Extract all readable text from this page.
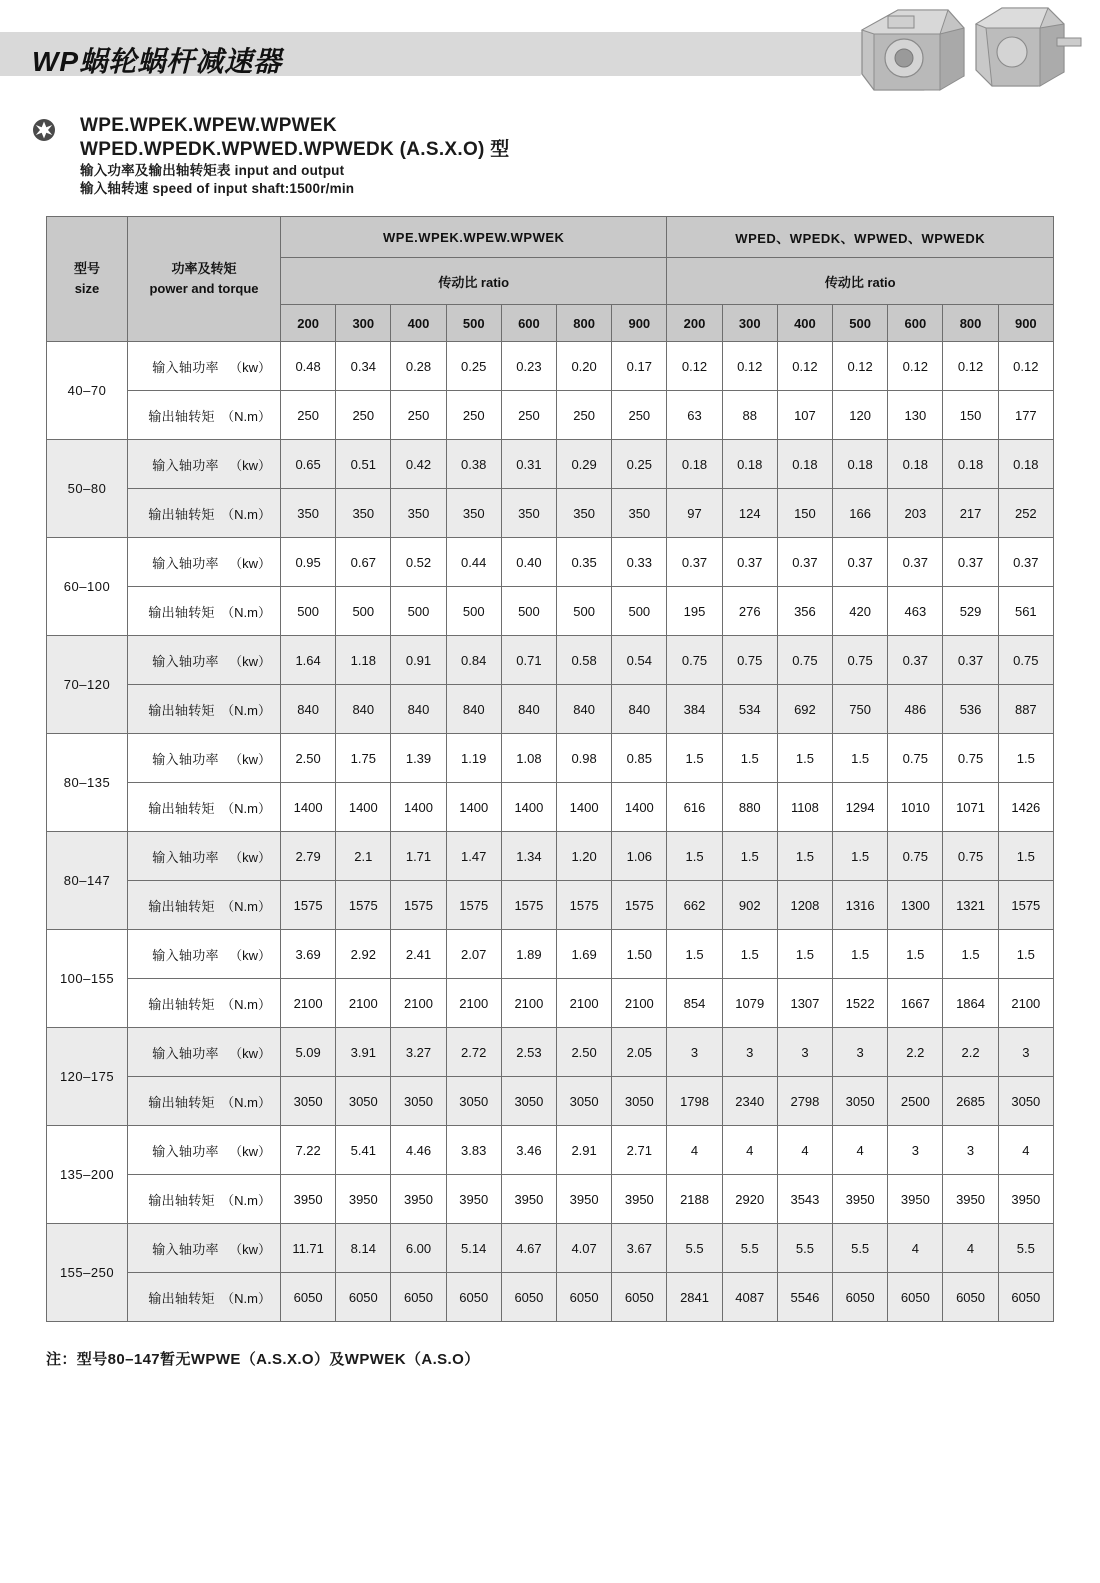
WP蜗轮蜗杆减速器
WPE.WPEK.WPEW.WPWEK
WPED.WPEDK.WPWED.WPWEDK (A.S.X.O) 型
输入功率及输出轴转矩表 input and output
输入轴转速 speed of input shaft:1500r/min
型号
size

功率及转矩
power and torque
	WPE.WPEK.WPEW.WPWEK	WPED、WPEDK、WPWED、WPWEDK
		传动比 ratio							传动比 ratio						
		200	300	400	500	600	800	900	200	300	400	500	600	800	900
40–70	输入轴功率 （kw）	0.48	0.34	0.28	0.25	0.23	0.20	0.17	0.12	0.12	0.12	0.12	0.12	0.12	0.12
	输出轴转矩 （N.m）	250	250	250	250	250	250	250	63	88	107	120	130	150	177
50–80	输入轴功率 （kw）	0.65	0.51	0.42	0.38	0.31	0.29	0.25	0.18	0.18	0.18	0.18	0.18	0.18	0.18
	输出轴转矩 （N.m）	350	350	350	350	350	350	350	97	124	150	166	203	217	252
60–100	输入轴功率 （kw）	0.95	0.67	0.52	0.44	0.40	0.35	0.33	0.37	0.37	0.37	0.37	0.37	0.37	0.37
	输出轴转矩 （N.m）	500	500	500	500	500	500	500	195	276	356	420	463	529	561
70–120	输入轴功率 （kw）	1.64	1.18	0.91	0.84	0.71	0.58	0.54	0.75	0.75	0.75	0.75	0.37	0.37	0.75
	输出轴转矩 （N.m）	840	840	840	840	840	840	840	384	534	692	750	486	536	887
80–135	输入轴功率 （kw）	2.50	1.75	1.39	1.19	1.08	0.98	0.85	1.5	1.5	1.5	1.5	0.75	0.75	1.5
	输出轴转矩 （N.m）	1400	1400	1400	1400	1400	1400	1400	616	880	1108	1294	1010	1071	1426
80–147	输入轴功率 （kw）	2.79	2.1	1.71	1.47	1.34	1.20	1.06	1.5	1.5	1.5	1.5	0.75	0.75	1.5
	输出轴转矩 （N.m）	1575	1575	1575	1575	1575	1575	1575	662	902	1208	1316	1300	1321	1575
100–155	输入轴功率 （kw）	3.69	2.92	2.41	2.07	1.89	1.69	1.50	1.5	1.5	1.5	1.5	1.5	1.5	1.5
	输出轴转矩 （N.m）	2100	2100	2100	2100	2100	2100	2100	854	1079	1307	1522	1667	1864	2100
120–175	输入轴功率 （kw）	5.09	3.91	3.27	2.72	2.53	2.50	2.05	3	3	3	3	2.2	2.2	3
	输出轴转矩 （N.m）	3050	3050	3050	3050	3050	3050	3050	1798	2340	2798	3050	2500	2685	3050
135–200	输入轴功率 （kw）	7.22	5.41	4.46	3.83	3.46	2.91	2.71	4	4	4	4	3	3	4
	输出轴转矩 （N.m）	3950	3950	3950	3950	3950	3950	3950	2188	2920	3543	3950	3950	3950	3950
155–250	输入轴功率 （kw）	11.71	8.14	6.00	5.14	4.67	4.07	3.67	5.5	5.5	5.5	5.5	4	4	5.5
	输出轴转矩 （N.m）	6050	6050	6050	6050	6050	6050	6050	2841	4087	5546	6050	6050	6050	6050
注：型号80–147暂无WPWE（A.S.X.O）及WPWEK（A.S.O）
